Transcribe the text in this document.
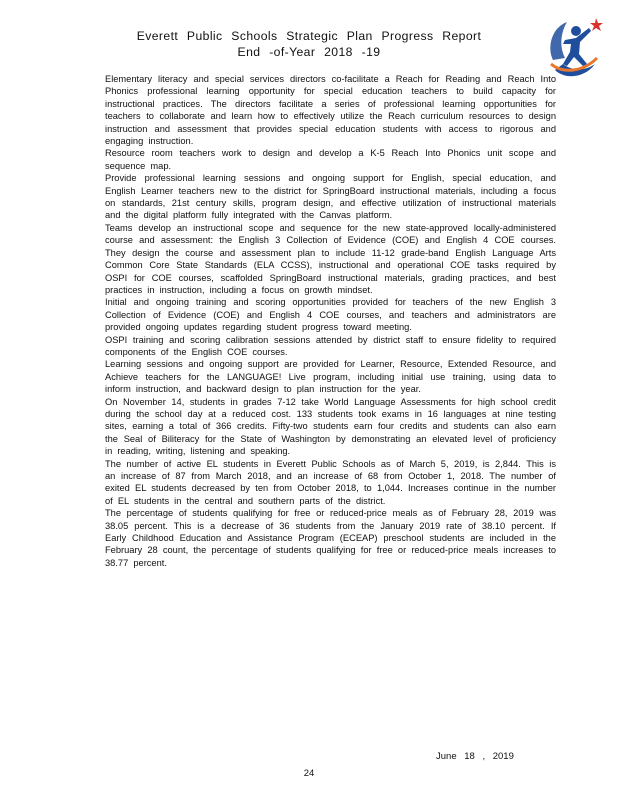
Everett Public Schools Strategic Plan Progress Report
End -of-Year 2018 -19

Elementary literacy and special services directors co-facilitate a Reach for Reading and Reach Into Phonics professional learning opportunity for special education teachers to build capacity for instructional practices. The directors facilitate a series of professional learning opportunities for teachers to collaborate and learn how to effectively utilize the Reach curriculum resources to design instruction and assessment that provides special education students with access to rigorous and engaging instruction.

Resource room teachers work to design and develop a K-5 Reach Into Phonics unit scope and sequence map.

Provide professional learning sessions and ongoing support for English, special education, and English Learner teachers new to the district for SpringBoard instructional materials, including a focus on standards, 21st century skills, program design, and effective utilization of instructional materials and the digital platform fully integrated with the Canvas platform.

Teams develop an instructional scope and sequence for the new state-approved locally-administered course and assessment: the English 3 Collection of Evidence (COE) and English 4 COE courses. They design the course and assessment plan to include 11-12 grade-band English Language Arts Common Core State Standards (ELA CCSS), instructional and operational COE tasks required by OSPI for COE courses, scaffolded SpringBoard instructional materials, grading practices, and best practices in instruction, including a focus on growth mindset.

Initial and ongoing training and scoring opportunities provided for teachers of the new English 3 Collection of Evidence (COE) and English 4 COE courses, and teachers and administrators are provided ongoing updates regarding student progress toward meeting.

OSPI training and scoring calibration sessions attended by district staff to ensure fidelity to required components of the English COE courses.

Learning sessions and ongoing support are provided for Learner, Resource, Extended Resource, and Achieve teachers for the LANGUAGE! Live program, including initial use training, using data to inform instruction, and backward design to plan instruction for the year.

On November 14, students in grades 7-12 take World Language Assessments for high school credit during the school day at a reduced cost. 133 students took exams in 16 languages at nine testing sites, earning a total of 366 credits. Fifty-two students earn four credits and students can also earn the Seal of Biliteracy for the State of Washington by demonstrating an elevated level of proficiency in reading, writing, listening and speaking.

The number of active EL students in Everett Public Schools as of March 5, 2019, is 2,844. This is an increase of 87 from March 2018, and an increase of 68 from October 1, 2018. The number of exited EL students decreased by ten from October 2018, to 1,044. Increases continue in the number of EL students in the central and southern parts of the district.

The percentage of students qualifying for free or reduced-price meals as of February 28, 2019 was 38.05 percent. This is a decrease of 36 students from the January 2019 rate of 38.10 percent. If Early Childhood Education and Assistance Program (ECEAP) preschool students are included in the February 28 count, the percentage of students qualifying for free or reduced-price meals increases to 38.77 percent.

June 18 , 2019
24
